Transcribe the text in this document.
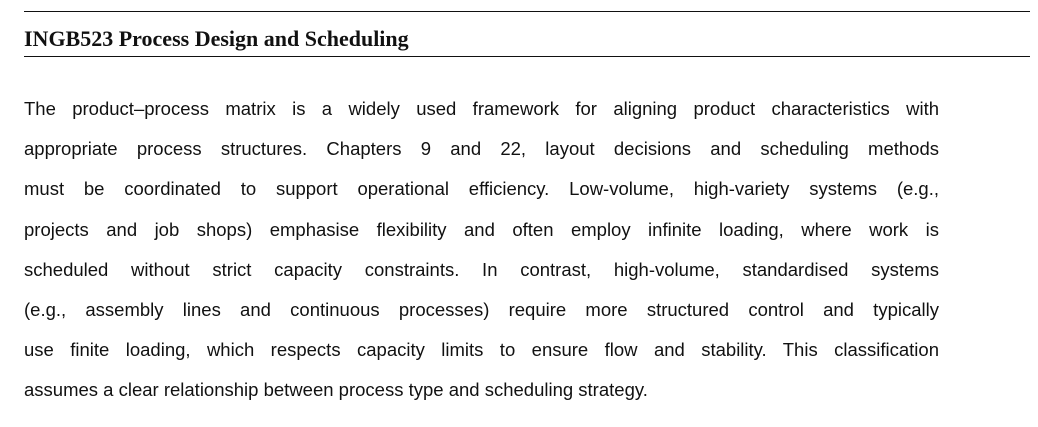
INGB523 Process Design and Scheduling

The product–process matrix is a widely used framework for aligning product characteristics with
appropriate process structures. Chapters 9 and 22, layout decisions and scheduling methods
must be coordinated to support operational efficiency. Low-volume, high-variety systems (e.g.,
projects and job shops) emphasise flexibility and often employ infinite loading, where work is
scheduled without strict capacity constraints. In contrast, high-volume, standardised systems
(e.g., assembly lines and continuous processes) require more structured control and typically
use finite loading, which respects capacity limits to ensure flow and stability. This classification
assumes a clear relationship between process type and scheduling strategy.
